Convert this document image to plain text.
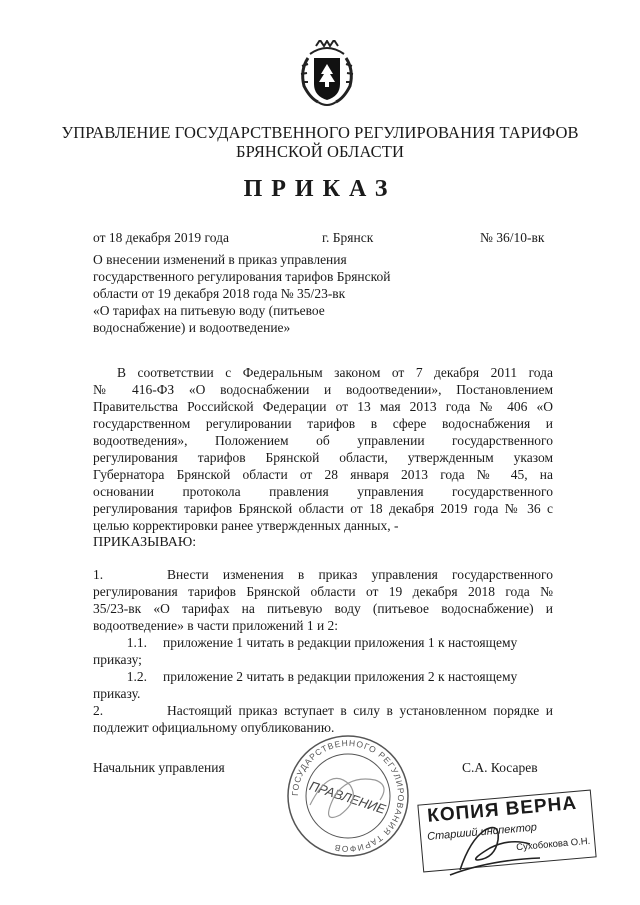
УПРАВЛЕНИЕ ГОСУДАРСТВЕННОГО РЕГУЛИРОВАНИЯ ТАРИФОВ
БРЯНСКОЙ ОБЛАСТИ
ПРИКАЗ
от 18 декабря 2019 года	г. Брянск	№ 36/10-вк
О внесении изменений в приказ управления
государственного регулирования тарифов Брянской
области от 19 декабря 2018 года № 35/23-вк
«О тарифах на питьевую воду (питьевое
водоснабжение) и водоотведение»
В соответствии с Федеральным законом от 7 декабря 2011 года
№ 416-ФЗ «О водоснабжении и водоотведении», Постановлением
Правительства Российской Федерации от 13 мая 2013 года № 406 «О
государственном регулировании тарифов в сфере водоснабжения и
водоотведения», Положением об управлении государственного
регулирования тарифов Брянской области, утвержденным указом
Губернатора Брянской области от 28 января 2013 года № 45, на
основании протокола правления управления государственного
регулирования тарифов Брянской области от 18 декабря 2019 года № 36 с
целью корректировки ранее утвержденных данных, -
ПРИКАЗЫВАЮ:
1.	Внести изменения в приказ управления государственного
регулирования тарифов Брянской области от 19 декабря 2018 года №
35/23-вк «О тарифах на питьевую воду (питьевое водоснабжение) и
водоотведение» в части приложений 1 и 2:
1.1. приложение 1 читать в редакции приложения 1 к настоящему
приказу;
1.2. приложение 2 читать в редакции приложения 2 к настоящему
приказу.
2.	Настоящий приказ вступает в силу в установленном порядке и
подлежит официальному опубликованию.
Начальник управления	С.А. Косарев
ГОСУДАРСТВЕННОГО РЕГУЛИРОВАНИЯ ТАРИФОВ
ПРАВЛЕНИЕ КОПИЯ ВЕРНА
Старший инспектор
Сухобокова О.Н.
